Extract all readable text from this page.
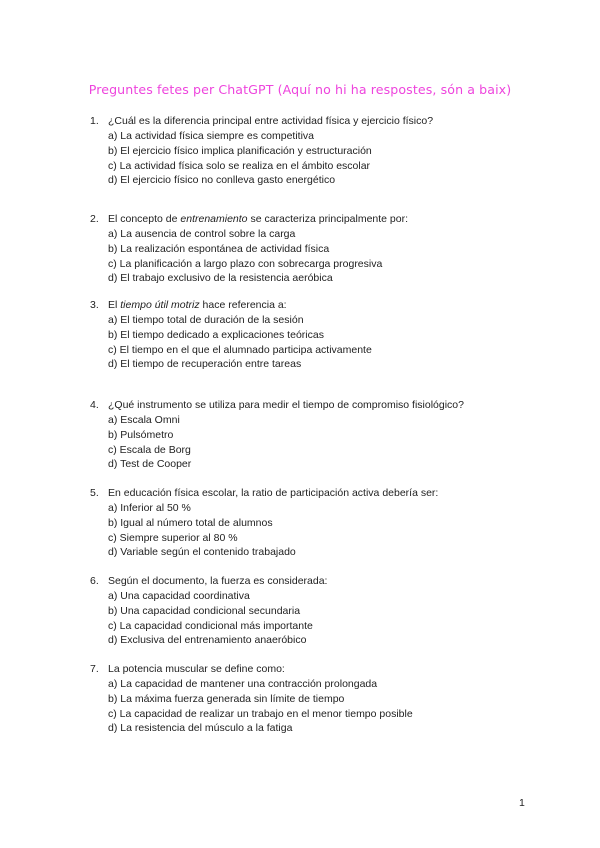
Preguntes fetes per ChatGPT (Aquí no hi ha respostes, són a baix)
1. ¿Cuál es la diferencia principal entre actividad física y ejercicio físico?
a) La actividad física siempre es competitiva
b) El ejercicio físico implica planificación y estructuración
c) La actividad física solo se realiza en el ámbito escolar
d) El ejercicio físico no conlleva gasto energético
2. El concepto de entrenamiento se caracteriza principalmente por:
a) La ausencia de control sobre la carga
b) La realización espontánea de actividad física
c) La planificación a largo plazo con sobrecarga progresiva
d) El trabajo exclusivo de la resistencia aeróbica
3. El tiempo útil motriz hace referencia a:
a) El tiempo total de duración de la sesión
b) El tiempo dedicado a explicaciones teóricas
c) El tiempo en el que el alumnado participa activamente
d) El tiempo de recuperación entre tareas
4. ¿Qué instrumento se utiliza para medir el tiempo de compromiso fisiológico?
a) Escala Omni
b) Pulsómetro
c) Escala de Borg
d) Test de Cooper
5. En educación física escolar, la ratio de participación activa debería ser:
a) Inferior al 50 %
b) Igual al número total de alumnos
c) Siempre superior al 80 %
d) Variable según el contenido trabajado
6. Según el documento, la fuerza es considerada:
a) Una capacidad coordinativa
b) Una capacidad condicional secundaria
c) La capacidad condicional más importante
d) Exclusiva del entrenamiento anaeróbico
7. La potencia muscular se define como:
a) La capacidad de mantener una contracción prolongada
b) La máxima fuerza generada sin límite de tiempo
c) La capacidad de realizar un trabajo en el menor tiempo posible
d) La resistencia del músculo a la fatiga
1
